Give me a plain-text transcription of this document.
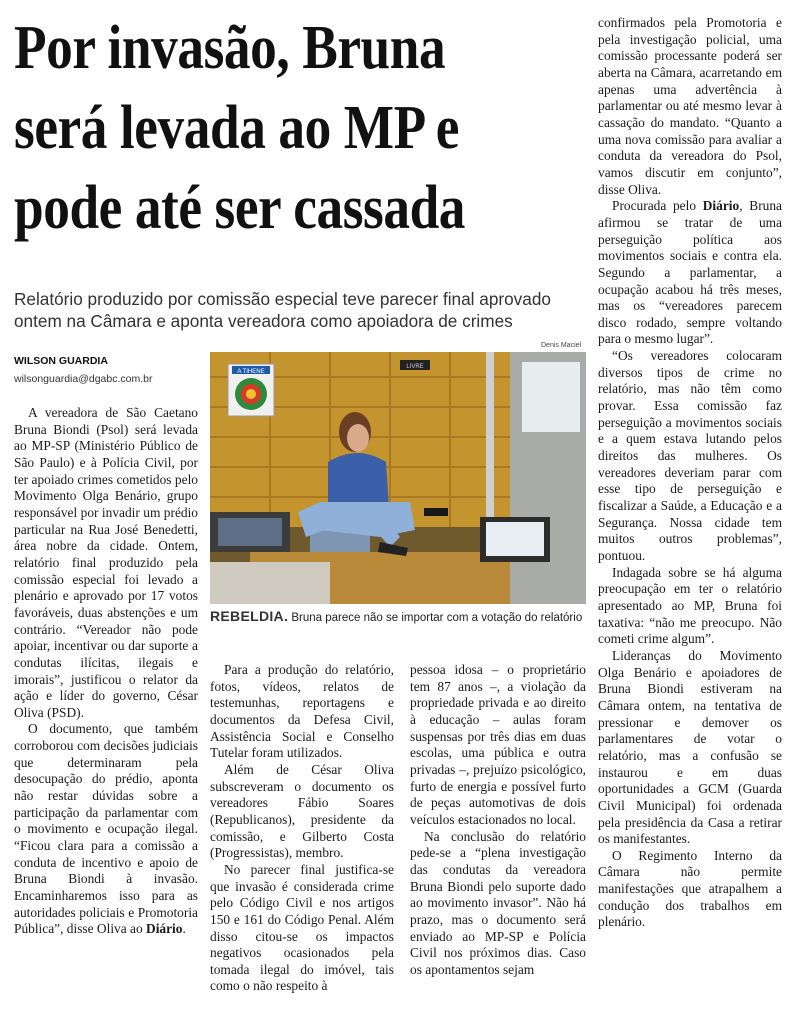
Por invasão, Bruna
será levada ao MP e
pode até ser cassada
Relatório produzido por comissão especial teve parecer final aprovado
ontem na Câmara e aponta vereadora como apoiadora de crimes
WILSON GUARDIA
wilsonguardia@dgabc.com.br
Denis Maciel
A TIHENE
LIVRE
REBELDIA. Bruna parece não se importar com a votação do relatório

A vereadora de São Caetano Bruna Biondi (Psol) será levada ao MP-SP (Ministério Público de São Paulo) e à Polícia Civil, por ter apoiado crimes cometidos pelo Movimento Olga Benário, grupo responsável por invadir um prédio particular na Rua José Benedetti, área nobre da cidade. Ontem, relatório final produzido pela comissão especial foi levado a plenário e aprovado por 17 votos favoráveis, duas abstenções e um contrário. “Vereador não pode apoiar, incentivar ou dar suporte a condutas ilícitas, ilegais e imorais”, justificou o relator da ação e líder do governo, César Oliva (PSD).

O documento, que também corroborou com decisões judiciais que determinaram pela desocupação do prédio, aponta não restar dúvidas sobre a participação da parlamentar com o movimento e ocupação ilegal. “Ficou clara para a comissão a conduta de incentivo e apoio de Bruna Biondi à invasão. Encaminharemos isso para as autoridades policiais e Promotoria Pública”, disse Oliva ao Diário.

Para a produção do relatório, fotos, vídeos, relatos de testemunhas, reportagens e documentos da Defesa Civil, Assistência Social e Conselho Tutelar foram utilizados.

Além de César Oliva subscreveram o documento os vereadores Fábio Soares (Republicanos), presidente da comissão, e Gilberto Costa (Progressistas), membro.

No parecer final justifica-se que invasão é considerada crime pelo Código Civil e nos artigos 150 e 161 do Código Penal. Além disso citou-se os impactos negativos ocasionados pela tomada ilegal do imóvel, tais como o não respeito à

pessoa idosa – o proprietário tem 87 anos –, a violação da propriedade privada e ao direito à educação – aulas foram suspensas por três dias em duas escolas, uma pública e outra privadas –, prejuízo psicológico, furto de energia e possível furto de peças automotivas de dois veículos estacionados no local.

Na conclusão do relatório pede-se a “plena investigação das condutas da vereadora Bruna Biondi pelo suporte dado ao movimento invasor”. Não há prazo, mas o documento será enviado ao MP-SP e Polícia Civil nos próximos dias. Caso os apontamentos sejam

confirmados pela Promotoria e pela investigação policial, uma comissão processante poderá ser aberta na Câmara, acarretando em apenas uma advertência à parlamentar ou até mesmo levar à cassação do mandato. “Quanto a uma nova comissão para avaliar a conduta da vereadora do Psol, vamos discutir em conjunto”, disse Oliva.

Procurada pelo Diário, Bruna afirmou se tratar de uma perseguição política aos movimentos sociais e contra ela. Segundo a parlamentar, a ocupação acabou há três meses, mas os “vereadores parecem disco rodado, sempre voltando para o mesmo lugar”.

“Os vereadores colocaram diversos tipos de crime no relatório, mas não têm como provar. Essa comissão faz perseguição a movimentos sociais e a quem estava lutando pelos direitos das mulheres. Os vereadores deveriam parar com esse tipo de perseguição e fiscalizar a Saúde, a Educação e a Segurança. Nossa cidade tem muitos outros problemas”, pontuou.

Indagada sobre se há alguma preocupação em ter o relatório apresentado ao MP, Bruna foi taxativa: “não me preocupo. Não cometi crime algum”.

Lideranças do Movimento Olga Benário e apoiadores de Bruna Biondi estiveram na Câmara ontem, na tentativa de pressionar e demover os parlamentares de votar o relatório, mas a confusão se instaurou e em duas oportunidades a GCM (Guarda Civil Municipal) foi ordenada pela presidência da Casa a retirar os manifestantes.

O Regimento Interno da Câmara não permite manifestações que atrapalhem a condução dos trabalhos em plenário.
